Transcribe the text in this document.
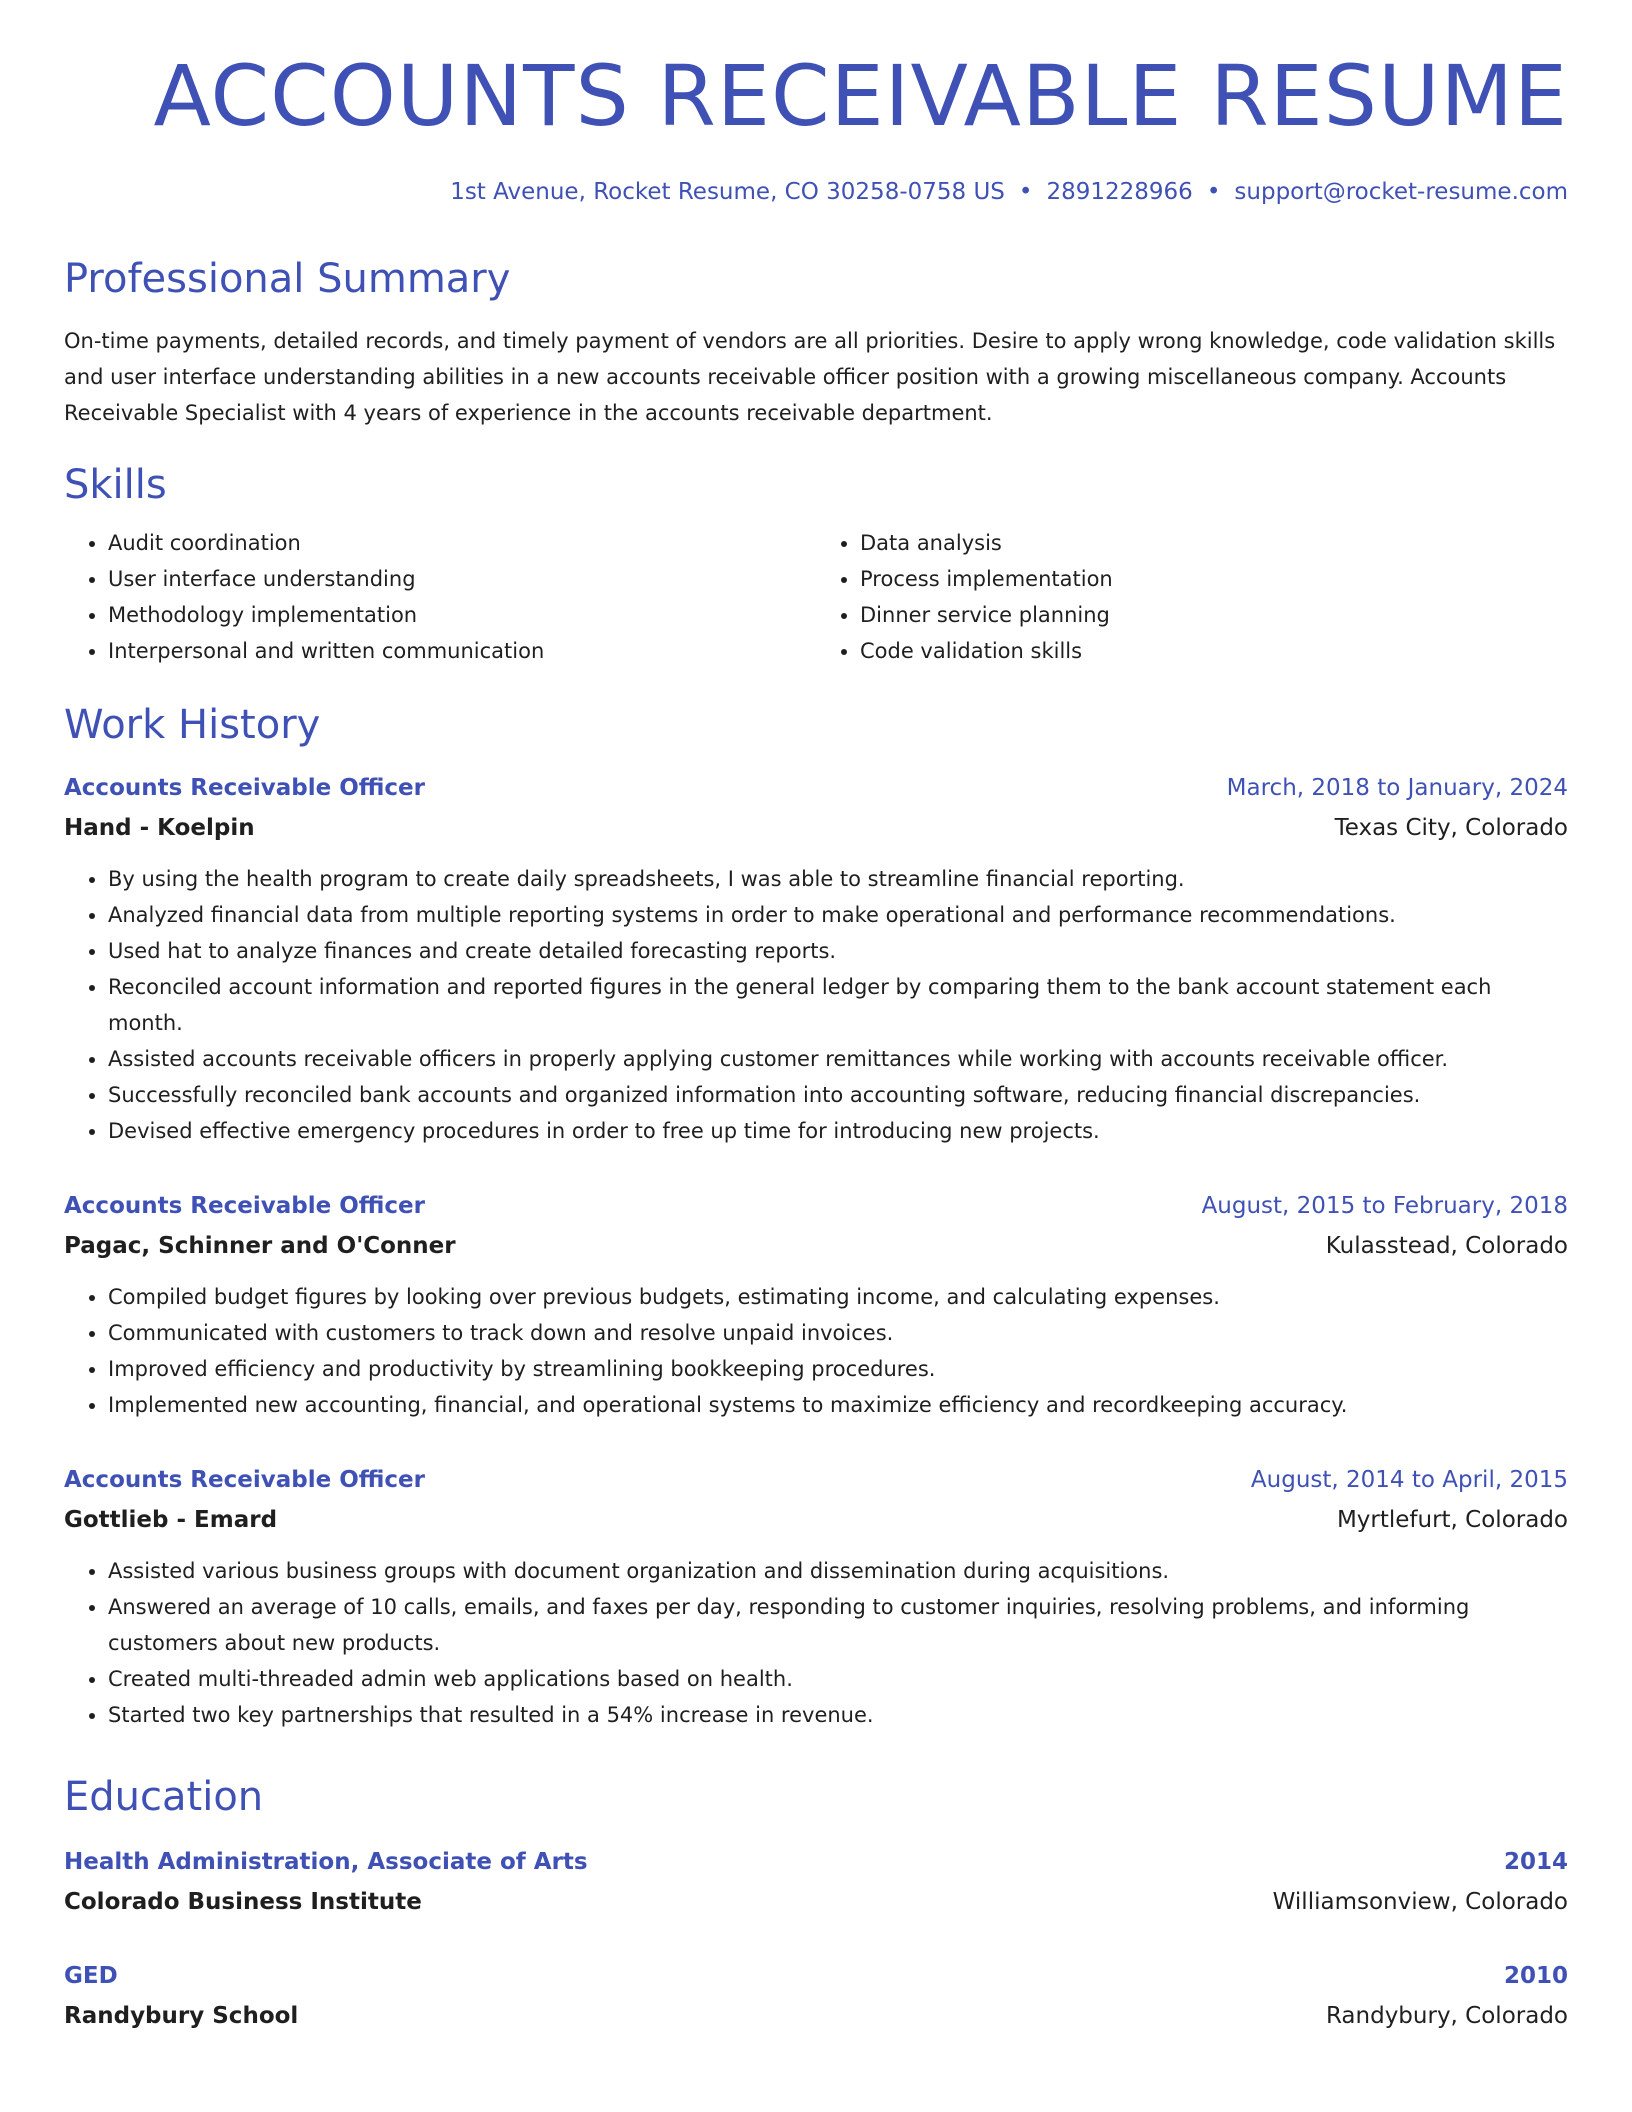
ACCOUNTS RECEIVABLE RESUME
1st Avenue, Rocket Resume, CO 30258-0758 US • 2891228966 • support@rocket-resume.com
Professional Summary

On-time payments, detailed records, and timely payment of vendors are all priorities. Desire to apply wrong knowledge, code validation skills and user interface understanding abilities in a new accounts receivable officer position with a growing miscellaneous company. Accounts Receivable Specialist with 4 years of experience in the accounts receivable department.

Skills
• Audit coordination
• User interface understanding
• Methodology implementation
• Interpersonal and written communication
• Data analysis
• Process implementation
• Dinner service planning
• Code validation skills
Work History
Accounts Receivable Officer	March, 2018 to January, 2024
Hand - Koelpin	Texas City, Colorado
• By using the health program to create daily spreadsheets, I was able to streamline financial reporting.
• Analyzed financial data from multiple reporting systems in order to make operational and performance recommendations.
• Used hat to analyze finances and create detailed forecasting reports.
• Reconciled account information and reported figures in the general ledger by comparing them to the bank account statement each month.
• Assisted accounts receivable officers in properly applying customer remittances while working with accounts receivable officer.
• Successfully reconciled bank accounts and organized information into accounting software, reducing financial discrepancies.
• Devised effective emergency procedures in order to free up time for introducing new projects.
Accounts Receivable Officer	August, 2015 to February, 2018
Pagac, Schinner and O'Conner	Kulasstead, Colorado
• Compiled budget figures by looking over previous budgets, estimating income, and calculating expenses.
• Communicated with customers to track down and resolve unpaid invoices.
• Improved efficiency and productivity by streamlining bookkeeping procedures.
• Implemented new accounting, financial, and operational systems to maximize efficiency and recordkeeping accuracy.
Accounts Receivable Officer	August, 2014 to April, 2015
Gottlieb - Emard	Myrtlefurt, Colorado
• Assisted various business groups with document organization and dissemination during acquisitions.
• Answered an average of 10 calls, emails, and faxes per day, responding to customer inquiries, resolving problems, and informing customers about new products.
• Created multi-threaded admin web applications based on health.
• Started two key partnerships that resulted in a 54% increase in revenue.
Education
Health Administration, Associate of Arts	2014
Colorado Business Institute	Williamsonview, Colorado
GED	2010
Randybury School	Randybury, Colorado
